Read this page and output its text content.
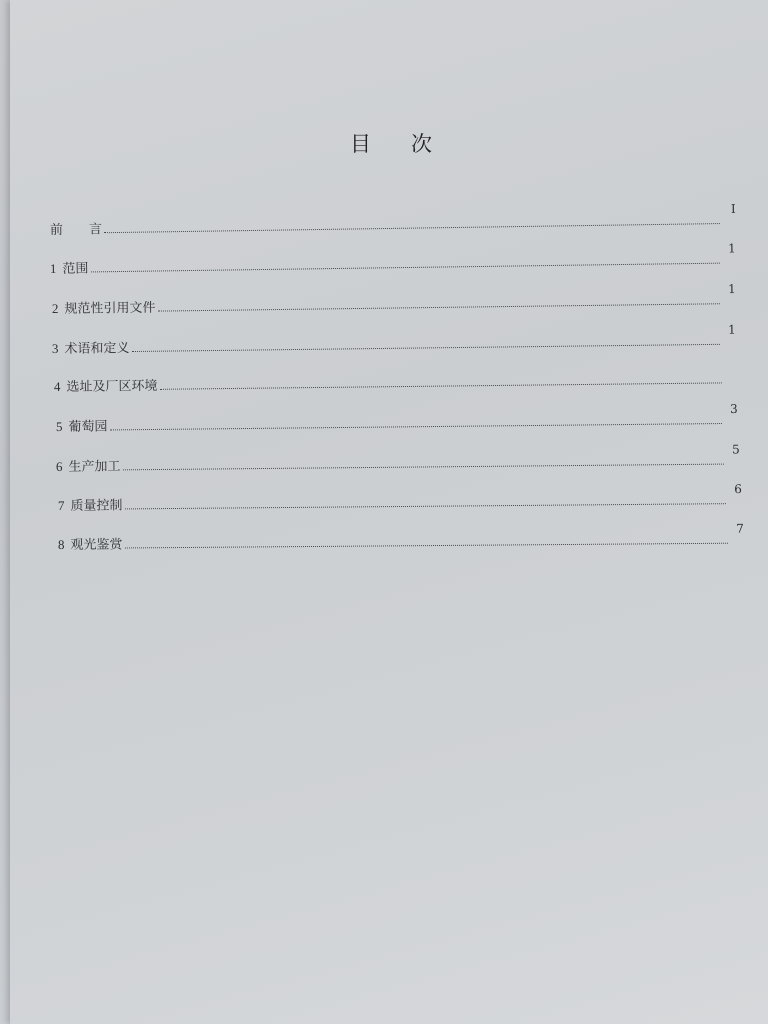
目 次
前 言
I
1 范围
1
2 规范性引用文件
1
3 术语和定义
1
4 选址及厂区环境
5 葡萄园
3
6 生产加工
5
7 质量控制
6
8 观光鉴赏
7
